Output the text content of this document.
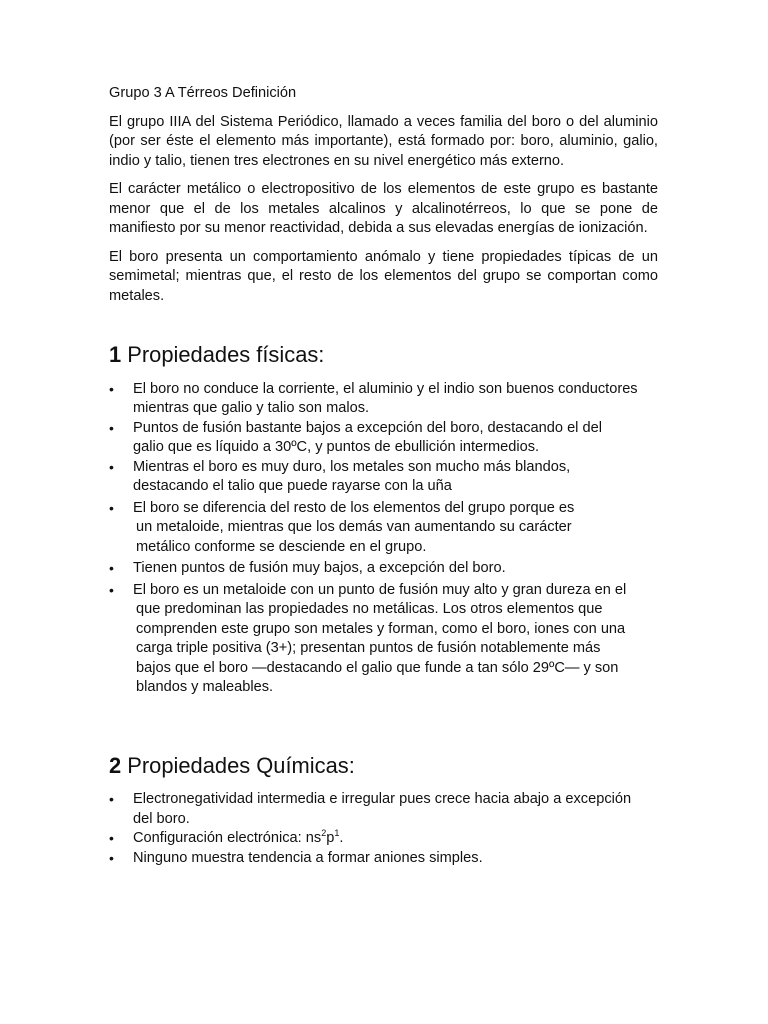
Grupo 3 A Térreos Definición

El grupo IIIA del Sistema Periódico, llamado a veces familia del boro o del aluminio (por ser éste el elemento más importante), está formado por: boro, aluminio, galio, indio y talio, tienen tres electrones en su nivel energético más externo.

El carácter metálico o electropositivo de los elementos de este grupo es bastante menor que el de los metales alcalinos y alcalinotérreos, lo que se pone de manifiesto por su menor reactividad, debida a sus elevadas energías de ionización.

El boro presenta un comportamiento anómalo y tiene propiedades típicas de un semimetal; mientras que, el resto de los elementos del grupo se comportan como metales.

1 Propiedades físicas:
• El boro no conduce la corriente, el aluminio y el indio son buenos conductores
mientras que galio y talio son malos.
• Puntos de fusión bastante bajos a excepción del boro, destacando el del
galio que es líquido a 30ºC, y puntos de ebullición intermedios.
• Mientras el boro es muy duro, los metales son mucho más blandos,
destacando el talio que puede rayarse con la uña
• El boro se diferencia del resto de los elementos del grupo porque es
un metaloide, mientras que los demás van aumentando su carácter
metálico conforme se desciende en el grupo.
• Tienen puntos de fusión muy bajos, a excepción del boro.
• El boro es un metaloide con un punto de fusión muy alto y gran dureza en el
que predominan las propiedades no metálicas. Los otros elementos que
comprenden este grupo son metales y forman, como el boro, iones con una
carga triple positiva (3+); presentan puntos de fusión notablemente más
bajos que el boro —destacando el galio que funde a tan sólo 29ºC— y son
blandos y maleables.
2 Propiedades Químicas:
• Electronegatividad intermedia e irregular pues crece hacia abajo a excepción
del boro.
• Configuración electrónica: $ns^2p^1$.
• Ninguno muestra tendencia a formar aniones simples.
